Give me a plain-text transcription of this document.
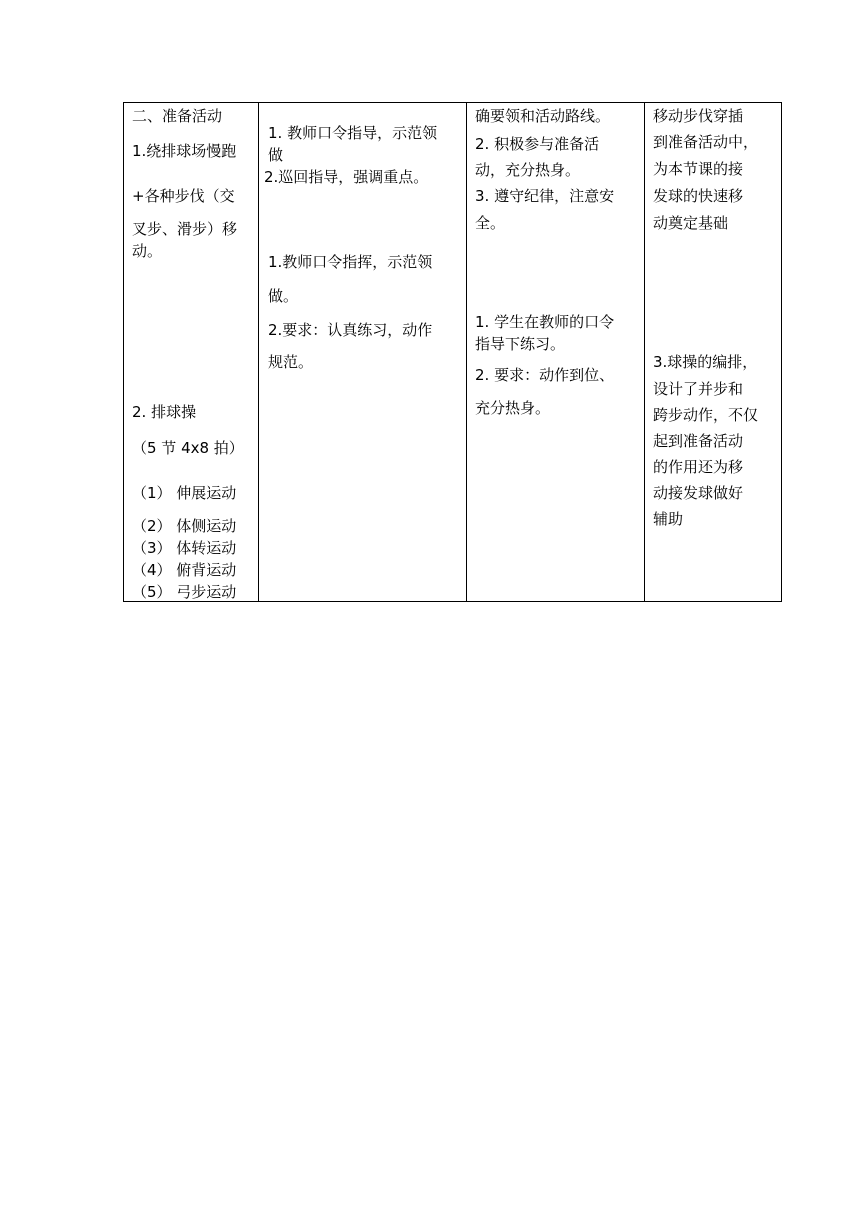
二、准备活动
1.绕排球场慢跑
+各种步伐（交
叉步、滑步）移
动。
2. 排球操
（5 节 4x8 拍）
（1） 伸展运动
（2） 体侧运动
（3） 体转运动
（4） 俯背运动
（5） 弓步运动

1. 教师口令指导，示范领
做
2.巡回指导，强调重点。
1.教师口令指挥，示范领
做。
2.要求：认真练习，动作
规范。

确要领和活动路线。
2. 积极参与准备活
动，充分热身。
3. 遵守纪律，注意安
全。
1. 学生在教师的口令
指导下练习。
2. 要求：动作到位、
充分热身。

移动步伐穿插
到准备活动中，
为本节课的接
发球的快速移
动奠定基础
3.球操的编排，
设计了并步和
跨步动作，不仅
起到准备活动
的作用还为移
动接发球做好
辅助
